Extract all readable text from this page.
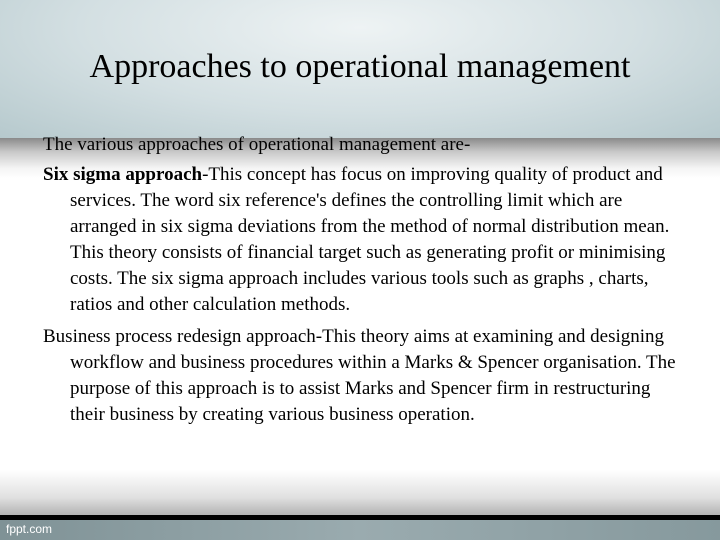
Approaches to operational management

The various approaches of operational management are-

Six sigma approach-This concept has focus on improving quality of product and services. The word six reference's defines the controlling limit which are arranged in six sigma deviations from the method of normal distribution mean. This theory consists of financial target such as generating profit or minimising costs. The six sigma approach includes various tools such as graphs , charts, ratios and other calculation methods.

Business process redesign approach-This theory aims at examining and designing workflow and business procedures within a Marks & Spencer organisation. The purpose of this approach is to assist Marks and Spencer firm in restructuring their business by creating various business operation.

fppt.com
